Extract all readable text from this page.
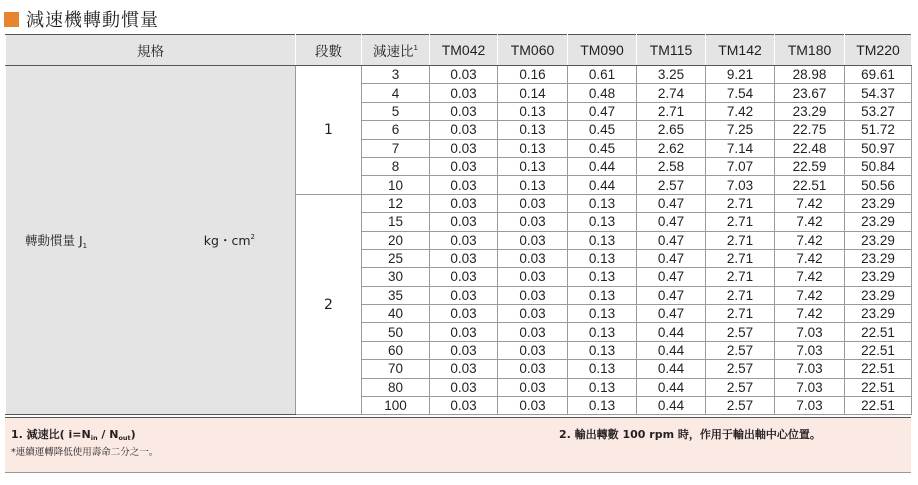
減速機轉動慣量
規格	段數	減速比$^1$	TM042	TM060	TM090	TM115	TM142	TM180	TM220

轉動慣量 $J_1$ kg・$cm^2$	1	3	0.03	0.16	0.61	3.25	9.21	28.98	69.61
		4	0.03	0.14	0.48	2.74	7.54	23.67	54.37
		5	0.03	0.13	0.47	2.71	7.42	23.29	53.27
		6	0.03	0.13	0.45	2.65	7.25	22.75	51.72
		7	0.03	0.13	0.45	2.62	7.14	22.48	50.97
		8	0.03	0.13	0.44	2.58	7.07	22.59	50.84
		10	0.03	0.13	0.44	2.57	7.03	22.51	50.56
	2	12	0.03	0.03	0.13	0.47	2.71	7.42	23.29
		15	0.03	0.03	0.13	0.47	2.71	7.42	23.29
		20	0.03	0.03	0.13	0.47	2.71	7.42	23.29
		25	0.03	0.03	0.13	0.47	2.71	7.42	23.29
		30	0.03	0.03	0.13	0.47	2.71	7.42	23.29
		35	0.03	0.03	0.13	0.47	2.71	7.42	23.29
		40	0.03	0.03	0.13	0.47	2.71	7.42	23.29
		50	0.03	0.03	0.13	0.44	2.57	7.03	22.51
		60	0.03	0.03	0.13	0.44	2.57	7.03	22.51
		70	0.03	0.03	0.13	0.44	2.57	7.03	22.51
		80	0.03	0.03	0.13	0.44	2.57	7.03	22.51
		100	0.03	0.03	0.13	0.44	2.57	7.03	22.51
1. 減速比( i=Nin / Nout)
*連續運轉降低使用壽命二分之一。
2. 輸出轉數 100 rpm 時，作用于輸出軸中心位置。
